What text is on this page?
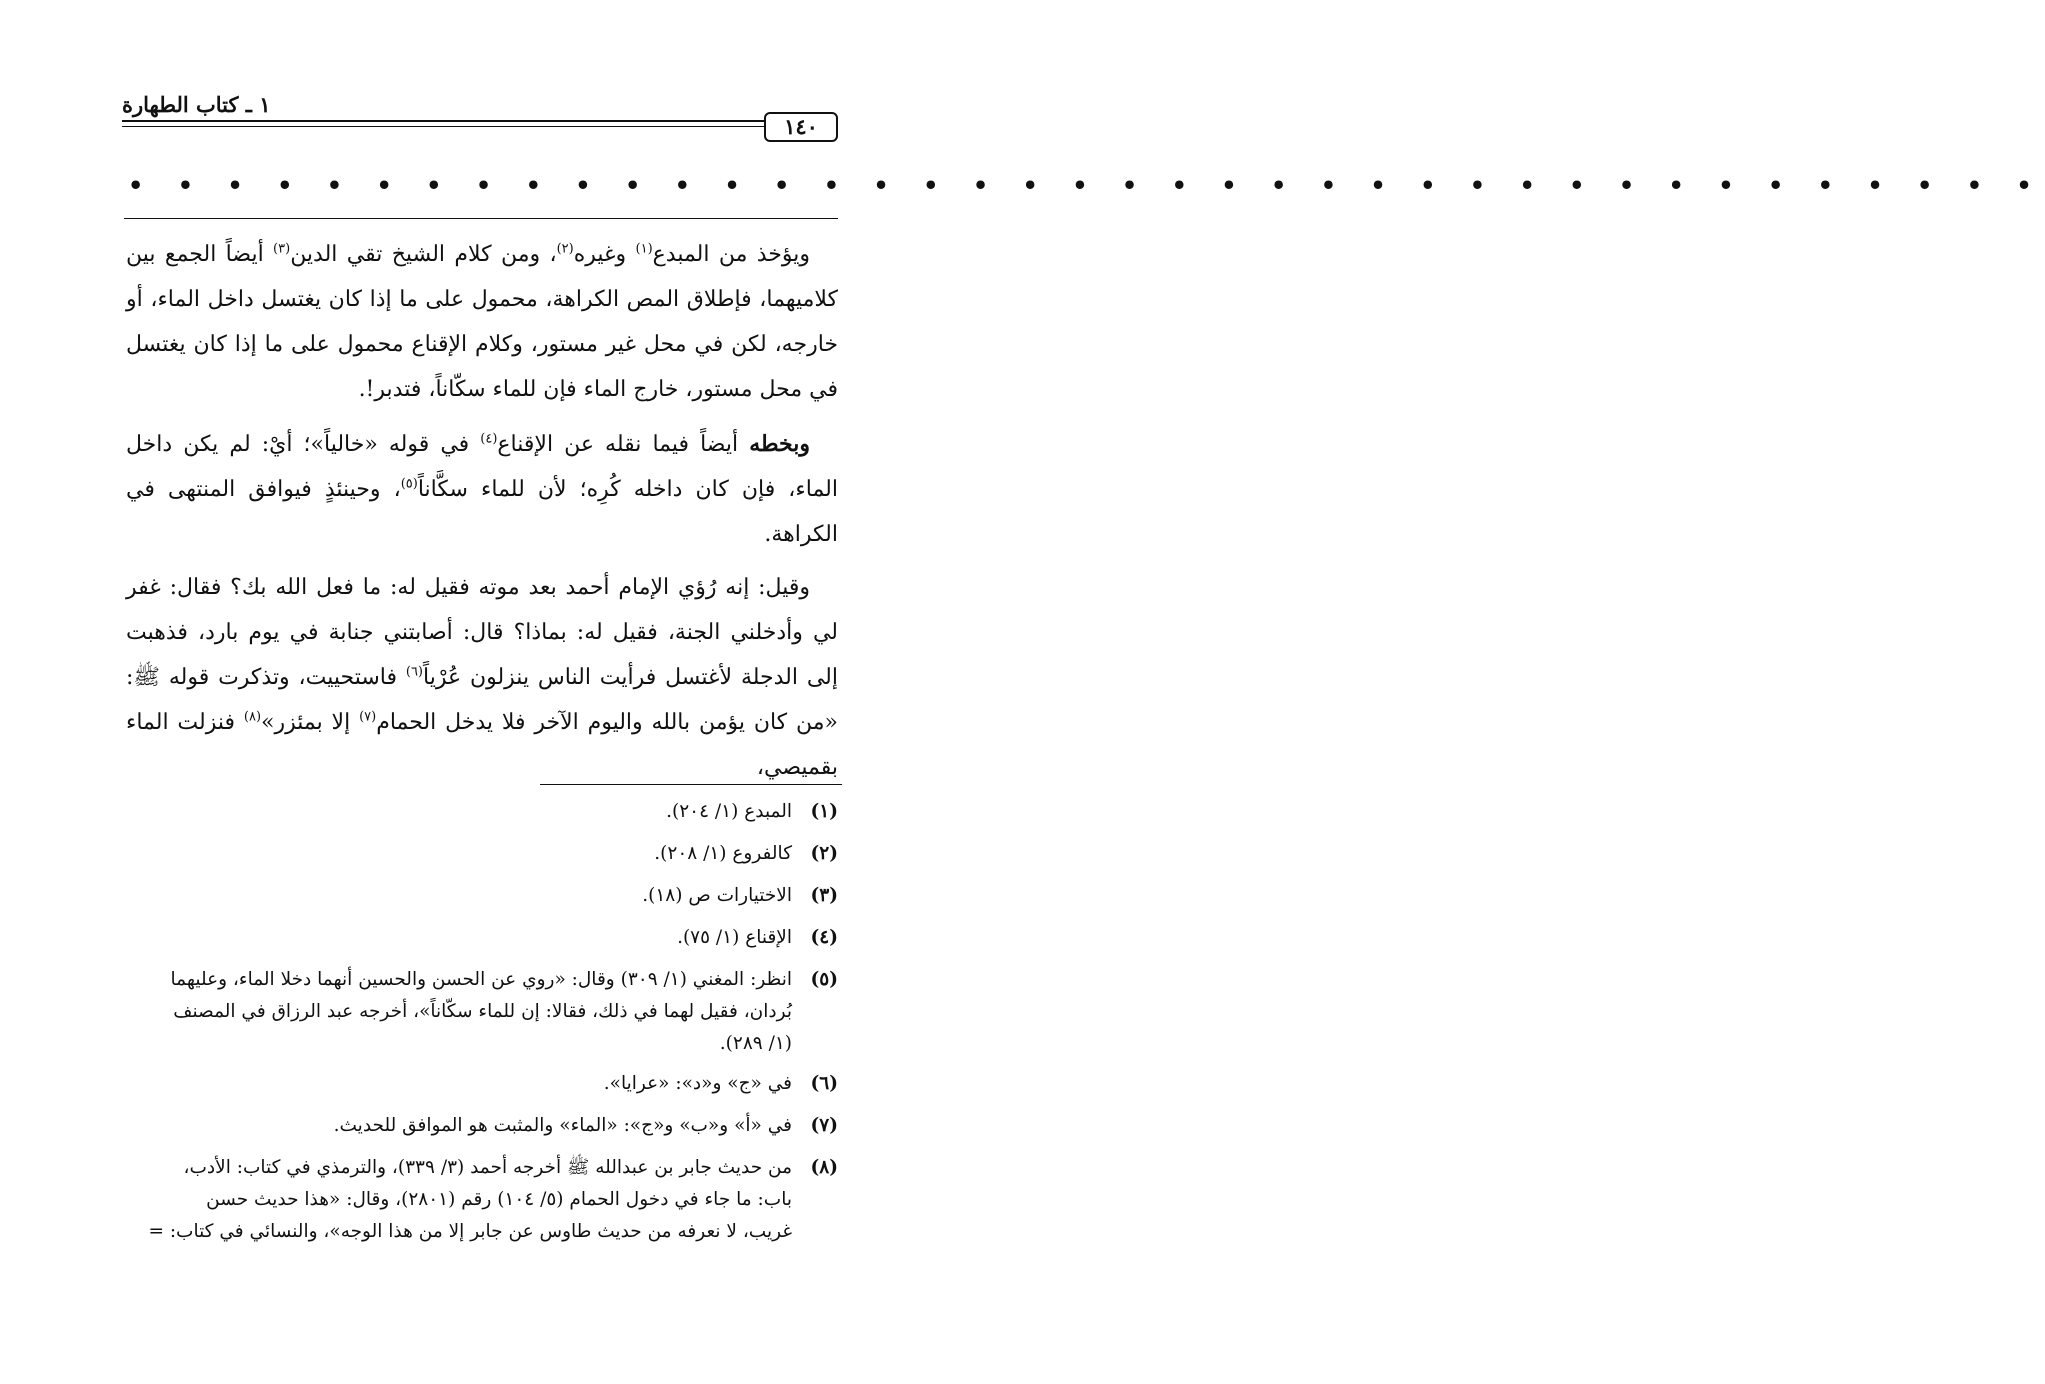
١ ـ كتاب الطهارة
١٤٠
• • • • • • • • • • • • • • • • • • • • • • • • • • • • • • • • • • • • • • •

ويؤخذ من المبدع$^{(١)}$ وغيره$^{(٢)}$، ومن كلام الشيخ تقي الدين$^{(٣)}$ أيضاً الجمع بين كلاميهما، فإطلاق المص الكراهة، محمول على ما إذا كان يغتسل داخل الماء، أو خارجه، لكن في محل غير مستور، وكلام الإقناع محمول على ما إذا كان يغتسل في محل مستور، خارج الماء فإن للماء سكّاناً، فتدبر!.

وبخطه أيضاً فيما نقله عن الإقناع$^{(٤)}$ في قوله «خالياً»؛ أيْ: لم يكن داخل الماء، فإن كان داخله كُرِه؛ لأن للماء سكَّاناً$^{(٥)}$، وحينئذٍ فيوافق المنتهى في الكراهة.

وقيل: إنه رُؤي الإمام أحمد بعد موته فقيل له: ما فعل الله بك؟ فقال: غفر لي وأدخلني الجنة، فقيل له: بماذا؟ قال: أصابتني جنابة في يوم بارد، فذهبت إلى الدجلة لأغتسل فرأيت الناس ينزلون عُرْياً$^{(٦)}$ فاستحييت، وتذكرت قوله ﷺ: «من كان يؤمن بالله واليوم الآخر فلا يدخل الحمام$^{(٧)}$ إلا بمئزر»$^{(٨)}$ فنزلت الماء بقميصي،

(١)
المبدع (١/ ٢٠٤).
(٢)
كالفروع (١/ ٢٠٨).
(٣)
الاختيارات ص (١٨).
(٤)
الإقناع (١/ ٧٥).
(٥)
انظر: المغني (١/ ٣٠٩) وقال: «روي عن الحسن والحسين أنهما دخلا الماء، وعليهما
بُردان، فقيل لهما في ذلك، فقالا: إن للماء سكّاناً»، أخرجه عبد الرزاق في المصنف
(١/ ٢٨٩).
(٦)
في «ج» و«د»: «عرايا».
(٧)
في «أ» و«ب» و«ج»: «الماء» والمثبت هو الموافق للحديث.
(٨)
من حديث جابر بن عبدالله ﷺ أخرجه أحمد (٣/ ٣٣٩)، والترمذي في كتاب: الأدب،
باب: ما جاء في دخول الحمام (٥/ ١٠٤) رقم (٢٨٠١)، وقال: «هذا حديث حسن
غريب، لا نعرفه من حديث طاوس عن جابر إلا من هذا الوجه»، والنسائي في كتاب: =
